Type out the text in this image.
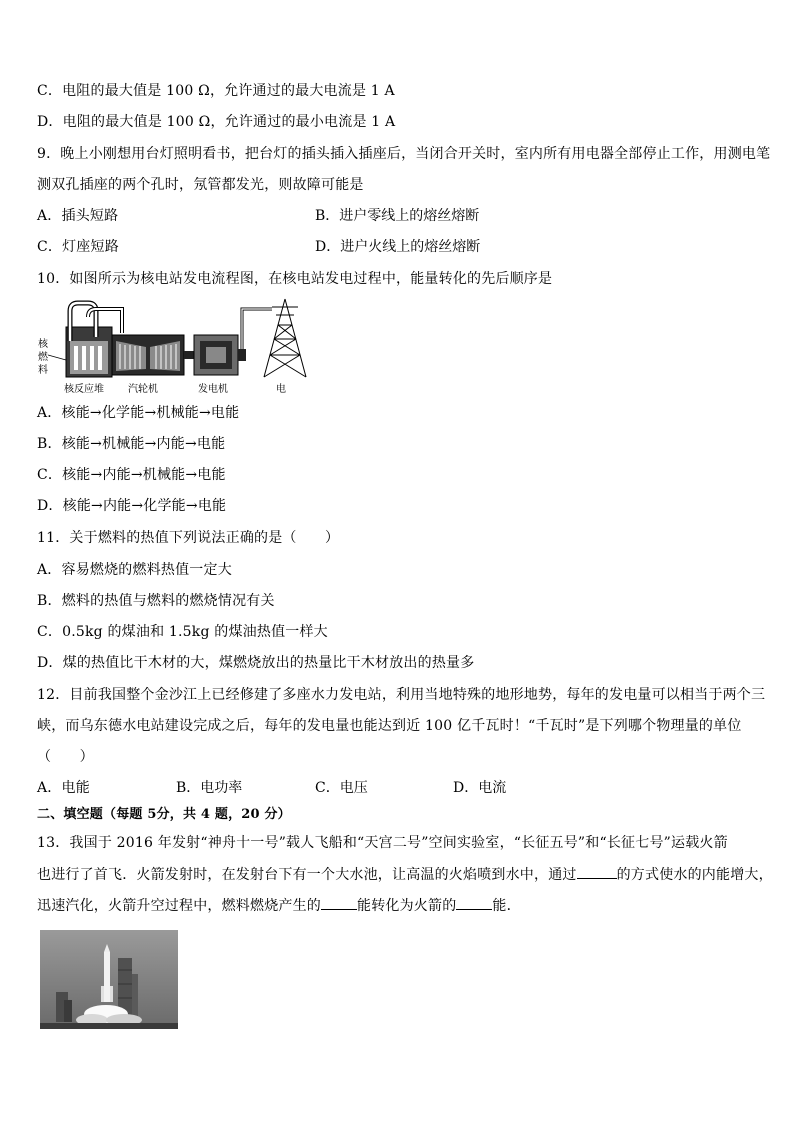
C．电阻的最大值是 100 Ω，允许通过的最大电流是 1 A
D．电阻的最大值是 100 Ω，允许通过的最小电流是 1 A
9．晚上小刚想用台灯照明看书，把台灯的插头插入插座后，当闭合开关时，室内所有用电器全部停止工作，用测电笔
测双孔插座的两个孔时，氖管都发光，则故障可能是
A．插头短路	B．进户零线上的熔丝熔断
C．灯座短路	D．进户火线上的熔丝熔断
10．如图所示为核电站发电流程图，在核电站发电过程中，能量转化的先后顺序是
核
燃
料
核反应堆 汽轮机	发电机	电
A．核能→化学能→机械能→电能
B．核能→机械能→内能→电能
C．核能→内能→机械能→电能
D．核能→内能→化学能→电能
11．关于燃料的热值下列说法正确的是（　　）
A．容易燃烧的燃料热值一定大
B．燃料的热值与燃料的燃烧情况有关
C．0.5kg 的煤油和 1.5kg 的煤油热值一样大
D．煤的热值比干木材的大，煤燃烧放出的热量比干木材放出的热量多
12．目前我国整个金沙江上已经修建了多座水力发电站，利用当地特殊的地形地势，每年的发电量可以相当于两个三
峡，而乌东德水电站建设完成之后，每年的发电量也能达到近 100 亿千瓦时！“千瓦时”是下列哪个物理量的单位
（　　）
A．电能	B．电功率	C．电压	D．电流
二、填空题（每题 5分，共 4 题，20 分）
13．我国于 2016 年发射“神舟十一号”载人飞船和“天宫二号”空间实验室，“长征五号”和“长征七号”运载火箭
也进行了首飞．火箭发射时，在发射台下有一个大水池，让高温的火焰喷到水中，通过	的方式使水的内能增大，
迅速汽化，火箭升空过程中，燃料燃烧产生的	能转化为火箭的	能．
